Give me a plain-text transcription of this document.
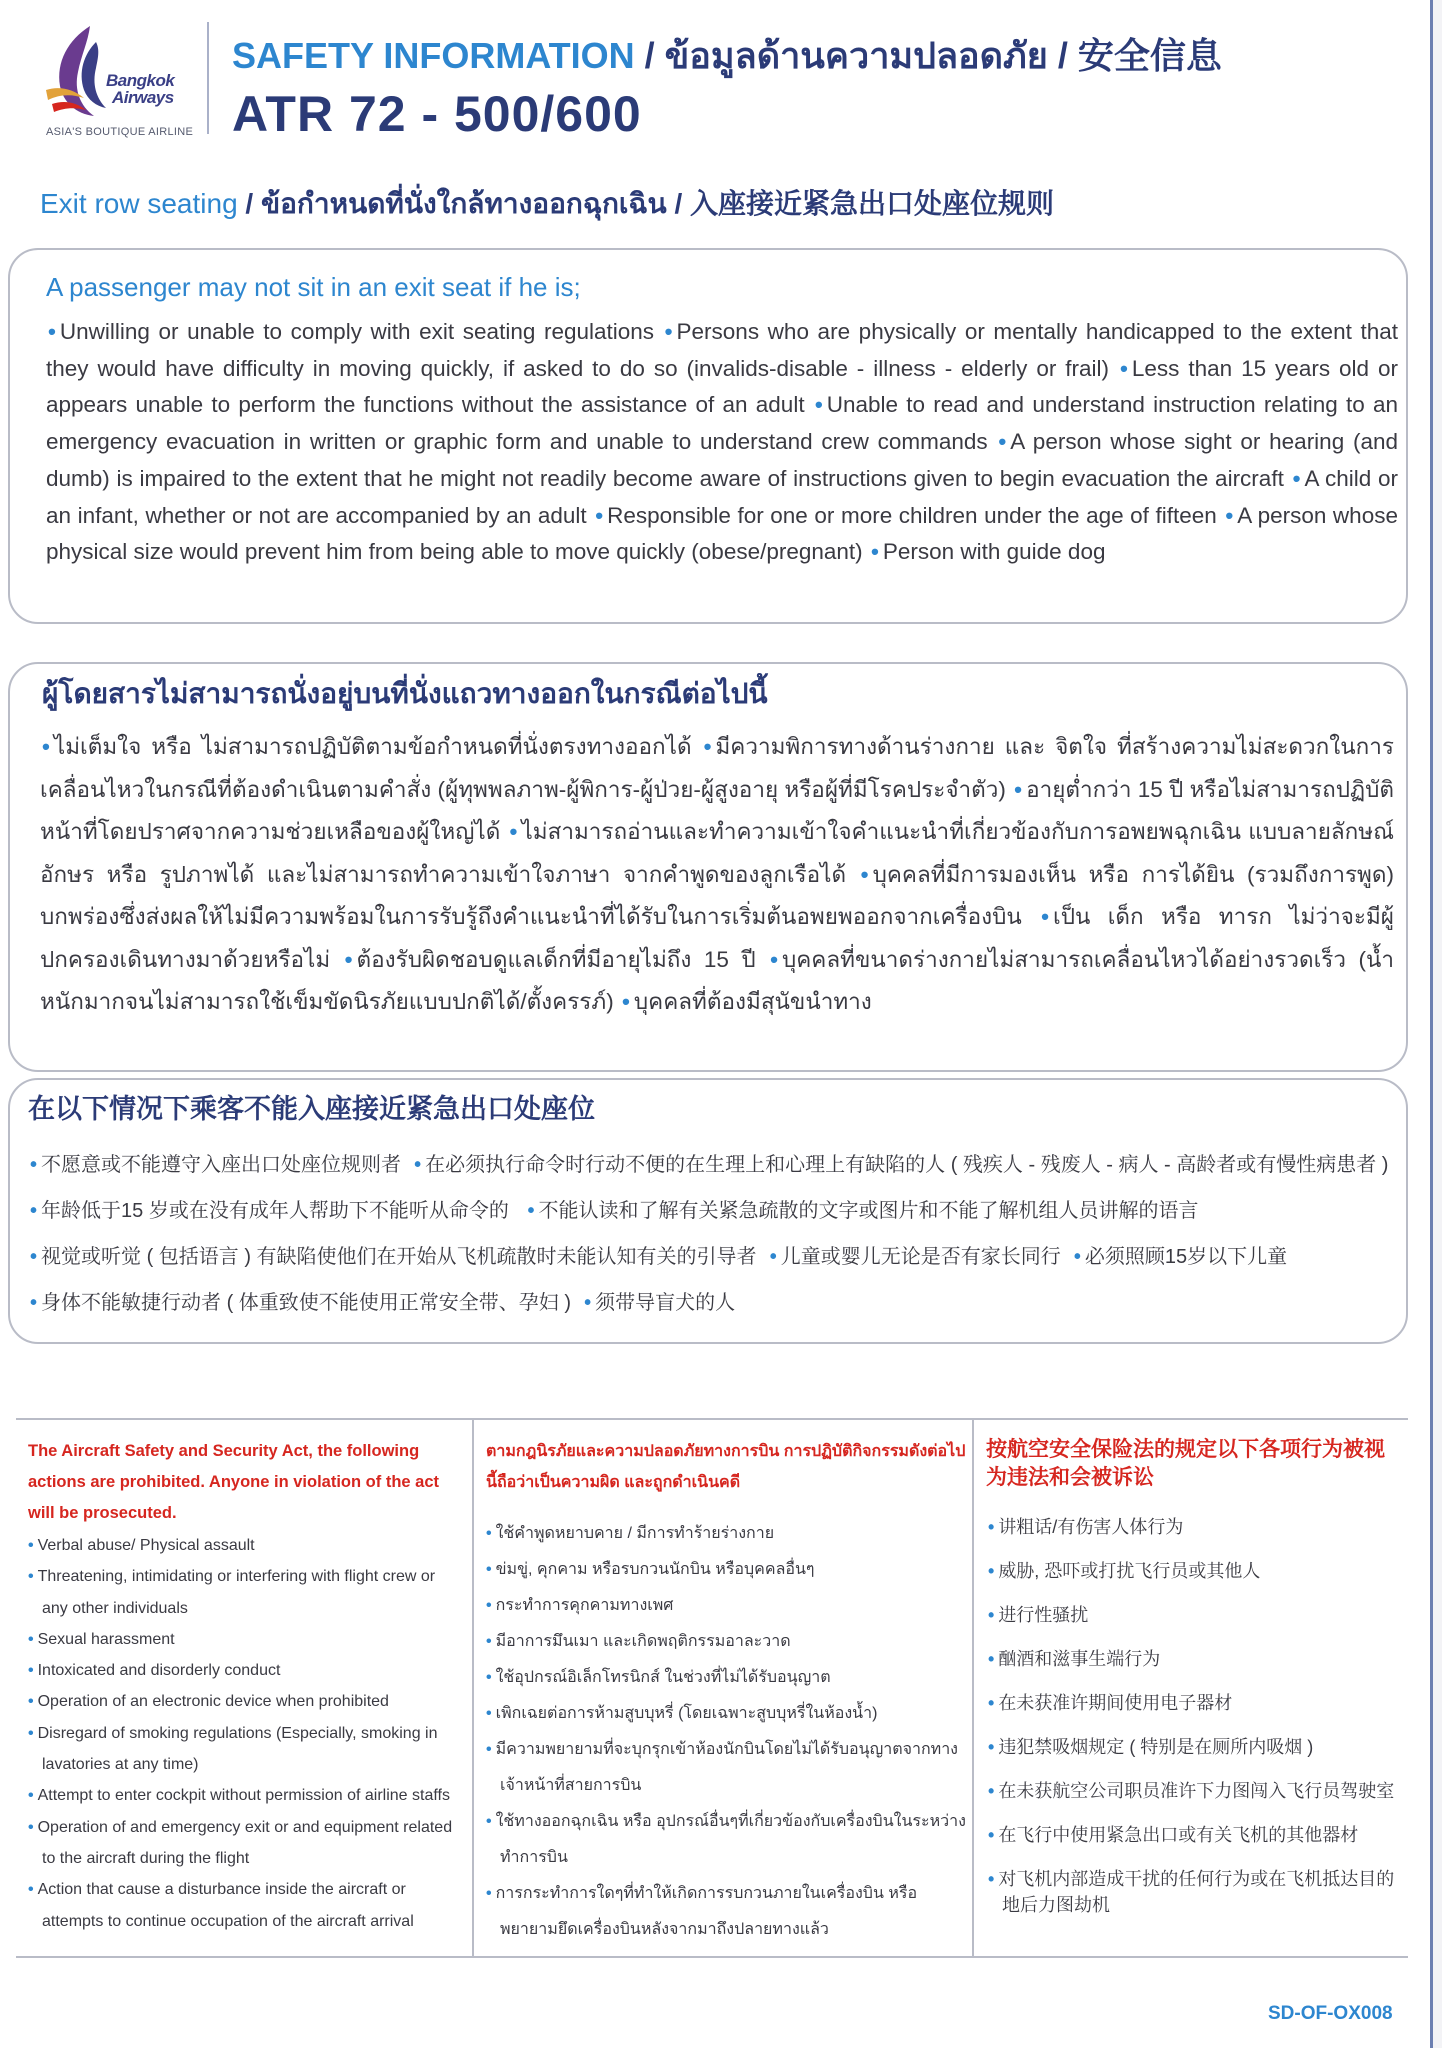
Bangkok
Airways
ASIA'S BOUTIQUE AIRLINE
SAFETY INFORMATION / ข้อมูลด้านความปลอดภัย / 安全信息
ATR 72 - 500/600
Exit row seating / ข้อกำหนดที่นั่งใกล้ทางออกฉุกเฉิน / 入座接近紧急出口处座位规则
A passenger may not sit in an exit seat if he is;
• Unwilling or unable to comply with exit seating regulations • Persons who are physically or mentally handicapped to the extent that they would have difficulty in moving quickly, if asked to do so (invalids-disable - illness - elderly or frail) • Less than 15 years old or appears unable to perform the functions without the assistance of an adult • Unable to read and understand instruction relating to an emergency evacuation in written or graphic form and unable to understand crew commands • A person whose sight or hearing (and dumb) is impaired to the extent that he might not readily become aware of instructions given to begin evacuation the aircraft • A child or an infant, whether or not are accompanied by an adult • Responsible for one or more children under the age of fifteen • A person whose physical size would prevent him from being able to move quickly (obese/pregnant) • Person with guide dog
ผู้โดยสารไม่สามารถนั่งอยู่บนที่นั่งแถวทางออกในกรณีต่อไปนี้
• ไม่เต็มใจ หรือ ไม่สามารถปฏิบัติตามข้อกำหนดที่นั่งตรงทางออกได้ • มีความพิการทางด้านร่างกาย และ จิตใจ ที่สร้างความไม่สะดวกในการเคลื่อนไหวในกรณีที่ต้องดำเนินตามคำสั่ง (ผู้ทุพพลภาพ-ผู้พิการ-ผู้ป่วย-ผู้สูงอายุ หรือผู้ที่มีโรคประจำตัว) • อายุต่ำกว่า 15 ปี หรือไม่สามารถปฏิบัติหน้าที่โดยปราศจากความช่วยเหลือของผู้ใหญ่ได้ • ไม่สามารถอ่านและทำความเข้าใจคำแนะนำที่เกี่ยวข้องกับการอพยพฉุกเฉิน แบบลายลักษณ์อักษร หรือ รูปภาพได้ และไม่สามารถทำความเข้าใจภาษา จากคำพูดของลูกเรือได้ • บุคคลที่มีการมองเห็น หรือ การได้ยิน (รวมถึงการพูด) บกพร่องซึ่งส่งผลให้ไม่มีความพร้อมในการรับรู้ถึงคำแนะนำที่ได้รับในการเริ่มต้นอพยพออกจากเครื่องบิน • เป็น เด็ก หรือ ทารก ไม่ว่าจะมีผู้ปกครองเดินทางมาด้วยหรือไม่ • ต้องรับผิดชอบดูแลเด็กที่มีอายุไม่ถึง 15 ปี • บุคคลที่ขนาดร่างกายไม่สามารถเคลื่อนไหวได้อย่างรวดเร็ว (น้ำหนักมากจนไม่สามารถใช้เข็มขัดนิรภัยแบบปกติได้/ตั้งครรภ์) • บุคคลที่ต้องมีสุนัขนำทาง
在以下情况下乘客不能入座接近紧急出口处座位
• 不愿意或不能遵守入座出口处座位规则者 • 在必须执行命令时行动不便的在生理上和心理上有缺陷的人 ( 残疾人 - 残废人 - 病人 - 高龄者或有慢性病患者 )
• 年龄低于15 岁或在没有成年人帮助下不能听从命令的 • 不能认读和了解有关紧急疏散的文字或图片和不能了解机组人员讲解的语言
• 视觉或听觉 ( 包括语言 ) 有缺陷使他们在开始从飞机疏散时未能认知有关的引导者 • 儿童或婴儿无论是否有家长同行 • 必须照顾15岁以下儿童
• 身体不能敏捷行动者 ( 体重致使不能使用正常安全带、孕妇 ) • 须带导盲犬的人
The Aircraft Safety and Security Act, the following actions are prohibited. Anyone in violation of the act will be prosecuted.
• Verbal abuse/ Physical assault
• Threatening, intimidating or interfering with flight crew or any other individuals
• Sexual harassment
• Intoxicated and disorderly conduct
• Operation of an electronic device when prohibited
• Disregard of smoking regulations (Especially, smoking in lavatories at any time)
• Attempt to enter cockpit without permission of airline staffs
• Operation of and emergency exit or and equipment related to the aircraft during the flight
• Action that cause a disturbance inside the aircraft or attempts to continue occupation of the aircraft arrival
ตามกฎนิรภัยและความปลอดภัยทางการบิน การปฏิบัติกิจกรรมดังต่อไปนี้ถือว่าเป็นความผิด และถูกดำเนินคดี
• ใช้คำพูดหยาบคาย / มีการทำร้ายร่างกาย
• ข่มขู่, คุกคาม หรือรบกวนนักบิน หรือบุคคลอื่นๆ
• กระทำการคุกคามทางเพศ
• มีอาการมึนเมา และเกิดพฤติกรรมอาละวาด
• ใช้อุปกรณ์อิเล็กโทรนิกส์ ในช่วงที่ไม่ได้รับอนุญาต
• เพิกเฉยต่อการห้ามสูบบุหรี่ (โดยเฉพาะสูบบุหรี่ในห้องน้ำ)
• มีความพยายามที่จะบุกรุกเข้าห้องนักบินโดยไม่ได้รับอนุญาตจากทางเจ้าหน้าที่สายการบิน
• ใช้ทางออกฉุกเฉิน หรือ อุปกรณ์อื่นๆที่เกี่ยวข้องกับเครื่องบินในระหว่างทำการบิน
• การกระทำการใดๆที่ทำให้เกิดการรบกวนภายในเครื่องบิน หรือพยายามยึดเครื่องบินหลังจากมาถึงปลายทางแล้ว
按航空安全保险法的规定以下各项行为被视为违法和会被诉讼
• 讲粗话/有伤害人体行为
• 威胁, 恐吓或打扰飞行员或其他人
• 进行性骚扰
• 酗酒和滋事生端行为
• 在未获准许期间使用电子器材
• 违犯禁吸烟规定 ( 特别是在厕所内吸烟 )
• 在未获航空公司职员准许下力图闯入飞行员驾驶室
• 在飞行中使用紧急出口或有关飞机的其他器材
• 对飞机内部造成干扰的任何行为或在飞机抵达目的地后力图劫机
SD-OF-OX008
